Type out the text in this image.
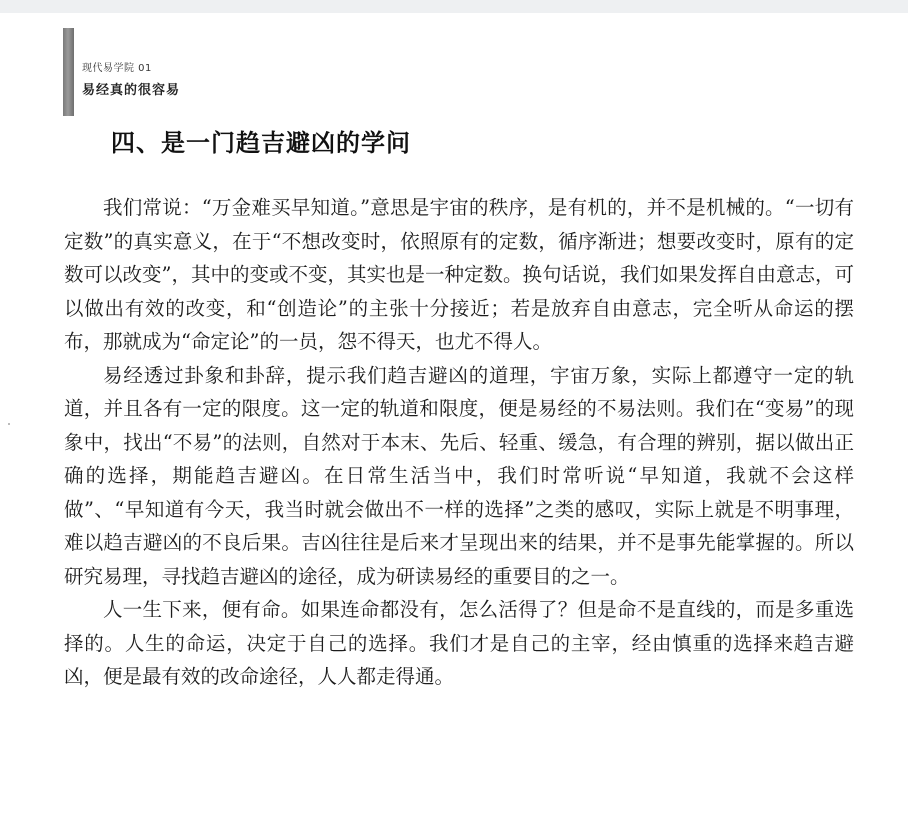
现代易学院 01
易经真的很容易
四、是一门趋吉避凶的学问

我们常说：“万金难买早知道。”意思是宇宙的秩序，是有机的，并不是机械的。“一切有定数”的真实意义，在于“不想改变时，依照原有的定数，循序渐进；想要改变时，原有的定数可以改变”，其中的变或不变，其实也是一种定数。换句话说，我们如果发挥自由意志，可以做出有效的改变，和“创造论”的主张十分接近；若是放弃自由意志，完全听从命运的摆布，那就成为“命定论”的一员，怨不得天，也尤不得人。

易经透过卦象和卦辞，提示我们趋吉避凶的道理，宇宙万象，实际上都遵守一定的轨道，并且各有一定的限度。这一定的轨道和限度，便是易经的不易法则。我们在“变易”的现象中，找出“不易”的法则，自然对于本末、先后、轻重、缓急，有合理的辨别，据以做出正确的选择，期能趋吉避凶。在日常生活当中，我们时常听说“早知道，我就不会这样做”、“早知道有今天，我当时就会做出不一样的选择”之类的感叹，实际上就是不明事理，难以趋吉避凶的不良后果。吉凶往往是后来才呈现出来的结果，并不是事先能掌握的。所以研究易理，寻找趋吉避凶的途径，成为研读易经的重要目的之一。

人一生下来，便有命。如果连命都没有，怎么活得了？但是命不是直线的，而是多重选择的。人生的命运，决定于自己的选择。我们才是自己的主宰，经由慎重的选择来趋吉避凶，便是最有效的改命途径，人人都走得通。
